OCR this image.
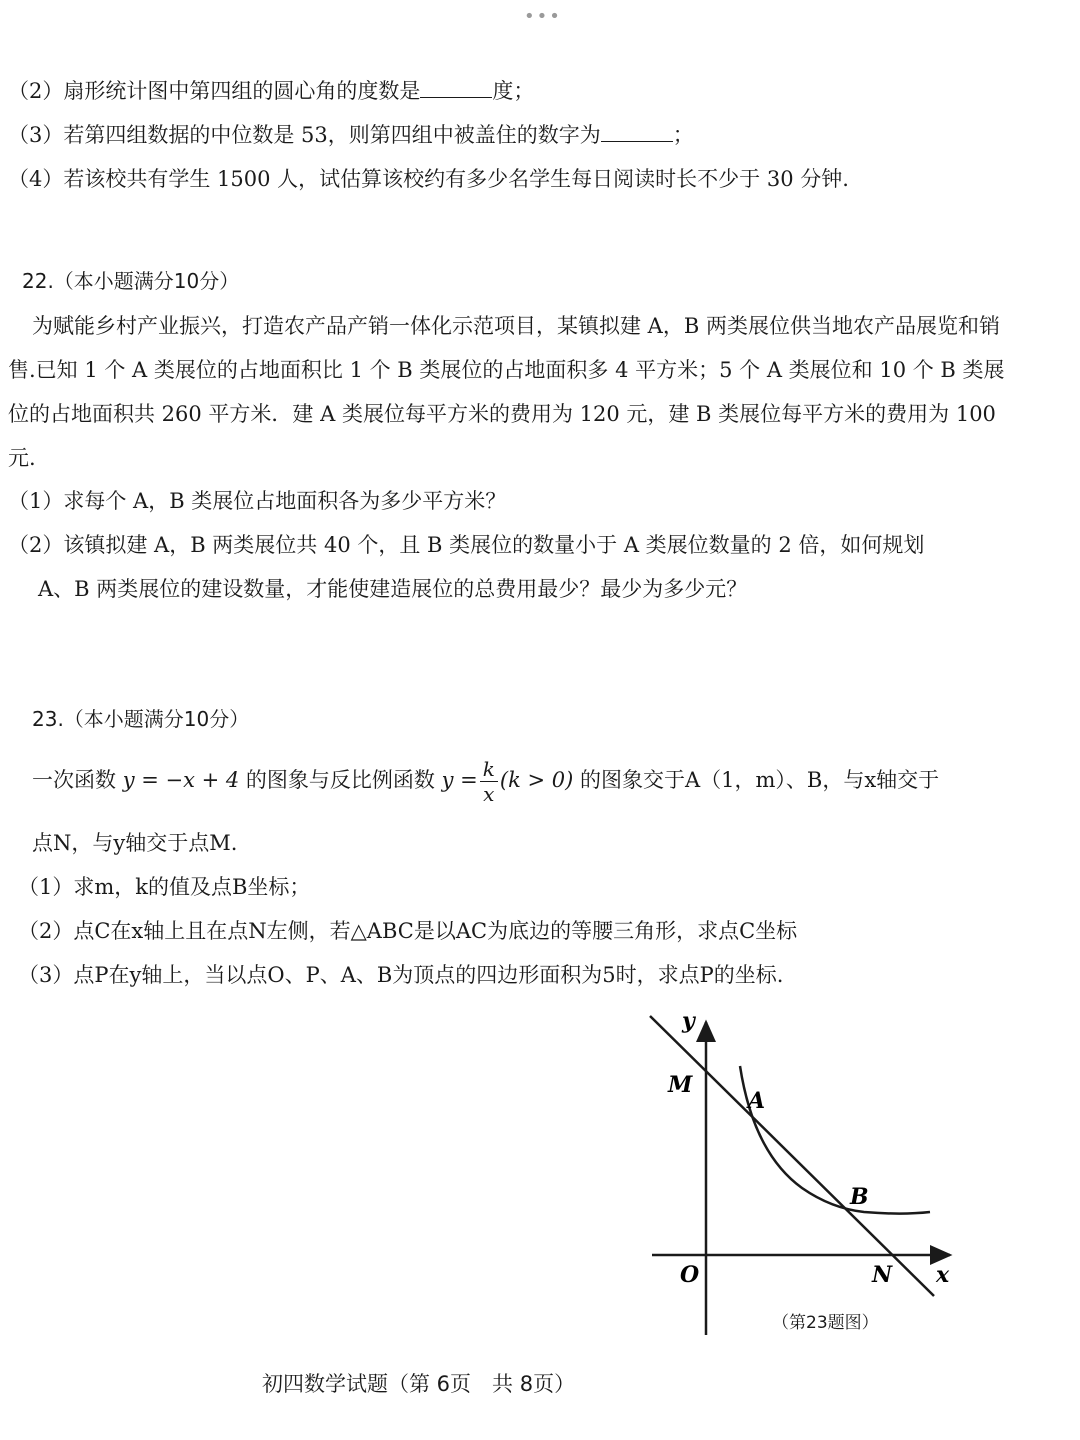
•••
（2）扇形统计图中第四组的圆心角的度数是	度；
（3）若第四组数据的中位数是 53，则第四组中被盖住的数字为	；
（4）若该校共有学生 1500 人，试估算该校约有多少名学生每日阅读时长不少于 30 分钟.
22.（本小题满分10分）
为赋能乡村产业振兴，打造农产品产销一体化示范项目，某镇拟建 A，B 两类展位供当地农产品展览和销售.已知 1 个 A 类展位的占地面积比 1 个 B 类展位的占地面积多 4 平方米；5 个 A 类展位和 10 个 B 类展位的占地面积共 260 平方米．建 A 类展位每平方米的费用为 120 元，建 B 类展位每平方米的费用为 100 元.
（1）求每个 A，B 类展位占地面积各为多少平方米？
（2）该镇拟建 A，B 两类展位共 40 个，且 B 类展位的数量小于 A 类展位数量的 2 倍，如何规划
A、B 两类展位的建设数量，才能使建造展位的总费用最少？最少为多少元？
23.（本小题满分10分）
一次函数 y = −x + 4 的图象与反比例函数 $y = \frac{k}{x} (k > 0)$ 的图象交于A（1，m）、B，与x轴交于
点N，与y轴交于点M.
（1）求m，k的值及点B坐标；
（2）点C在x轴上且在点N左侧，若△ABC是以AC为底边的等腰三角形，求点C坐标
（3）点P在y轴上，当以点O、P、A、B为顶点的四边形面积为5时，求点P的坐标.
y
x
O
M
A
B
N
（第23题图）
初四数学试题（第 6页　共 8页）
